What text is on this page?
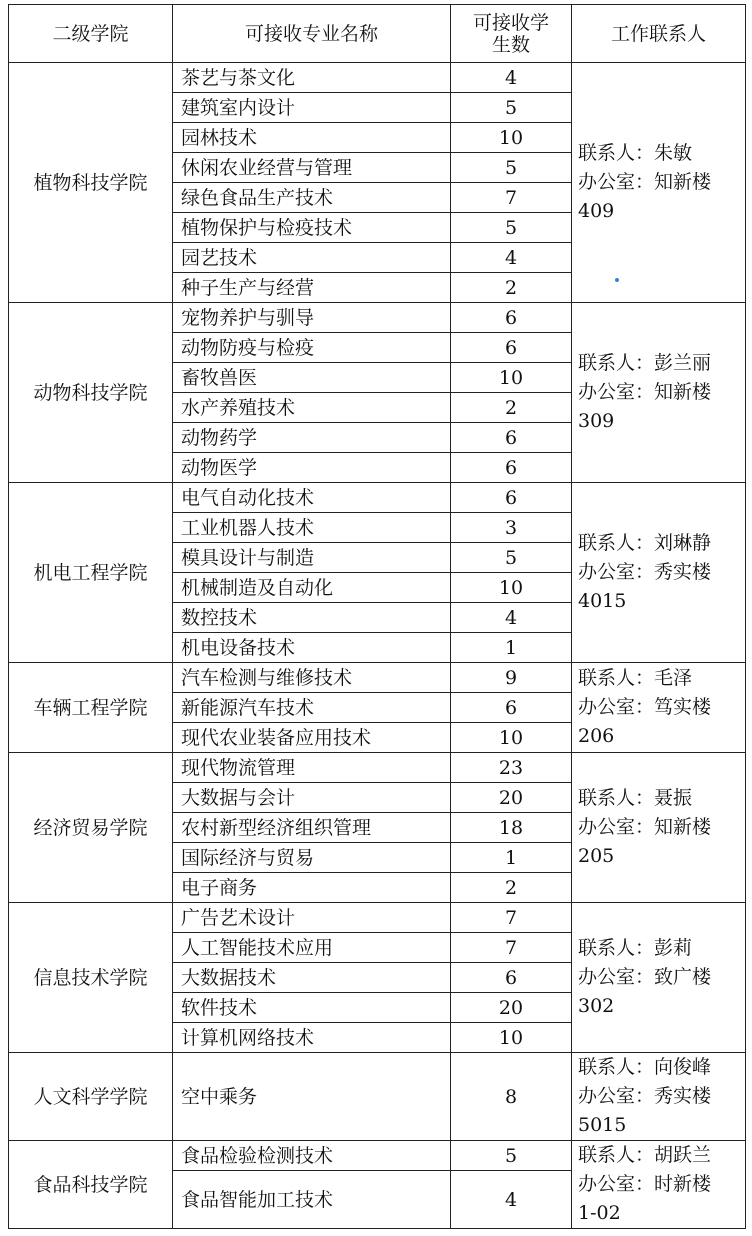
二级学院	可接收专业名称	可接收学
生数	工作联系人
植物科技学院	茶艺与茶文化	4	联系人：朱敏
办公室：知新楼
409

	建筑室内设计	5	
	园林技术	10	
	休闲农业经营与管理	5	
	绿色食品生产技术	7	
	植物保护与检疫技术	5	
	园艺技术	4	
	种子生产与经营	2	
动物科技学院	宠物养护与驯导	6	联系人：彭兰丽
办公室：知新楼
309

	动物防疫与检疫	6	
	畜牧兽医	10	
	水产养殖技术	2	
	动物药学	6	
	动物医学	6	
机电工程学院	电气自动化技术	6	联系人：刘琳静
办公室：秀实楼
4015

	工业机器人技术	3	
	模具设计与制造	5	
	机械制造及自动化	10	
	数控技术	4	
	机电设备技术	1	
车辆工程学院	汽车检测与维修技术	9	联系人：毛泽
办公室：笃实楼
206

	新能源汽车技术	6	
	现代农业装备应用技术	10	
经济贸易学院	现代物流管理	23	联系人：聂振
办公室：知新楼
205

	大数据与会计	20	
	农村新型经济组织管理	18	
	国际经济与贸易	1	
	电子商务	2	
信息技术学院	广告艺术设计	7	联系人：彭莉
办公室：致广楼
302

	人工智能技术应用	7	
	大数据技术	6	
	软件技术	20	
	计算机网络技术	10	
人文科学学院	空中乘务	8	联系人：向俊峰
办公室：秀实楼
5015

食品科技学院	食品检验检测技术	5	联系人：胡跃兰
办公室：时新楼
1-02

	食品智能加工技术	4	
